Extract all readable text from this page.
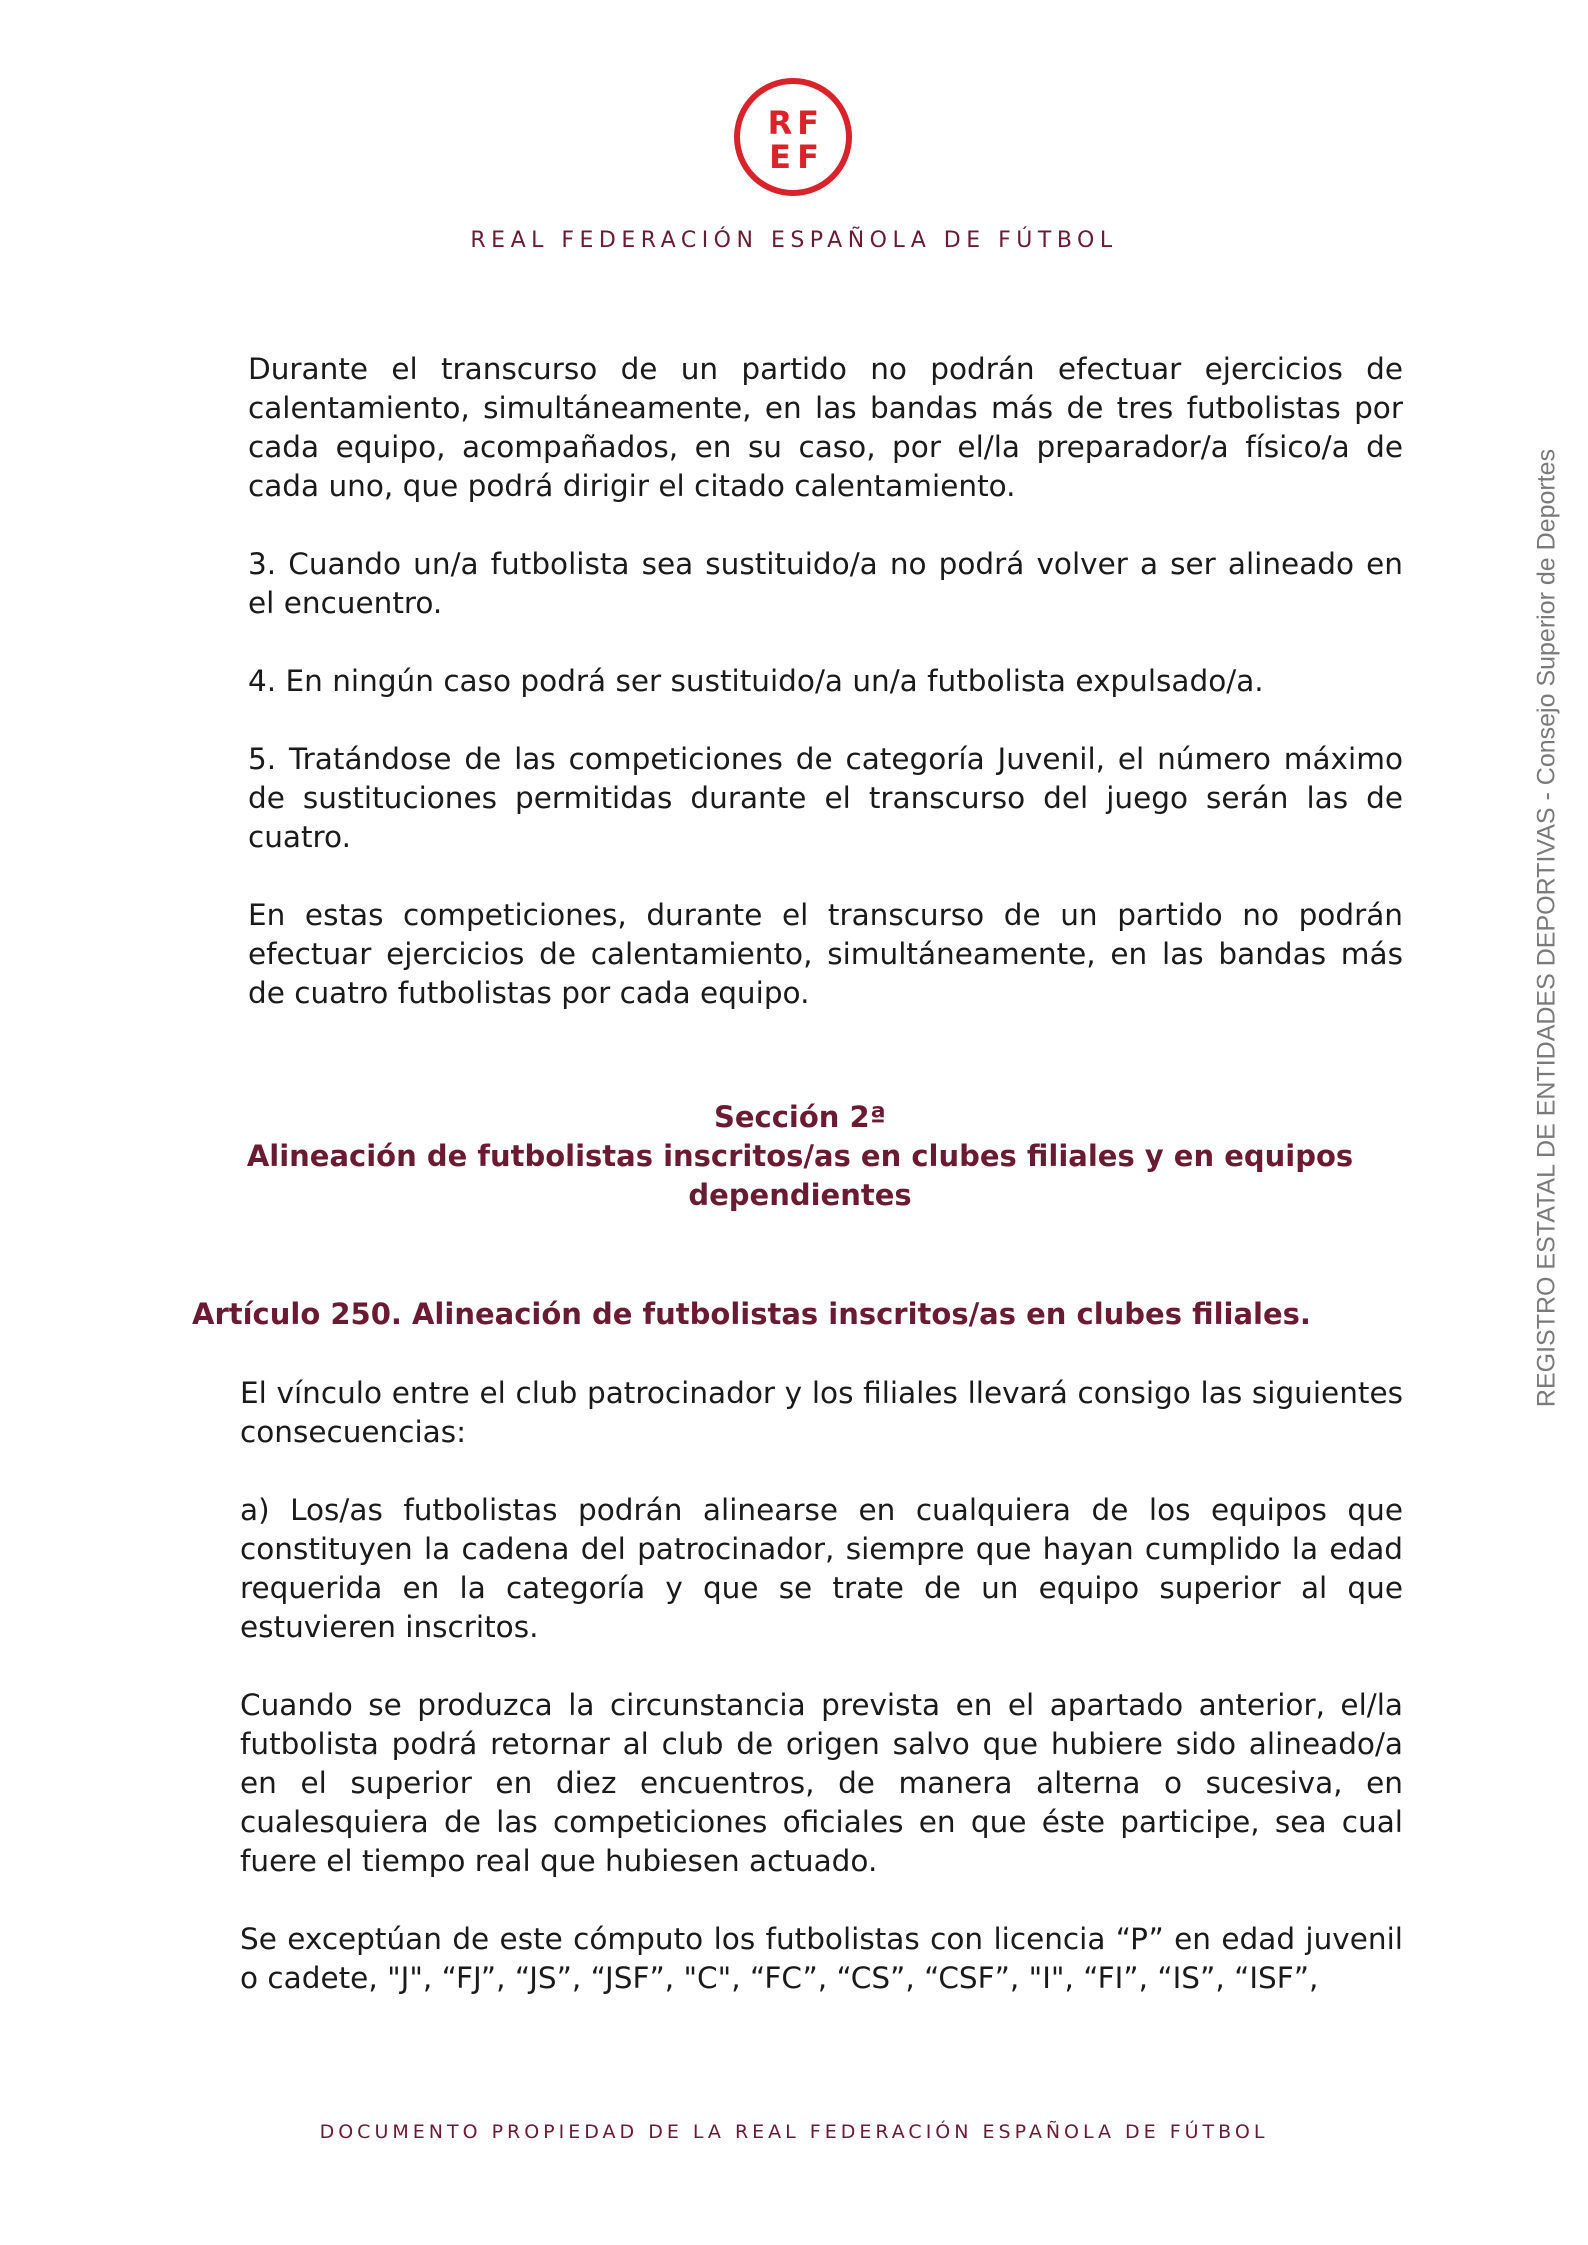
R F
E F
REAL FEDERACIÓN ESPAÑOLA DE FÚTBOL
REGISTRO ESTATAL DE ENTIDADES DEPORTIVAS - Consejo Superior de Deportes

Durante el transcurso de un partido no podrán efectuar ejercicios de calentamiento, simultáneamente, en las bandas más de tres futbolistas por cada equipo, acompañados, en su caso, por el/la preparador/a físico/a de cada uno, que podrá dirigir el citado calentamiento.

3. Cuando un/a futbolista sea sustituido/a no podrá volver a ser alineado en el encuentro.

4. En ningún caso podrá ser sustituido/a un/a futbolista expulsado/a.

5. Tratándose de las competiciones de categoría Juvenil, el número máximo de sustituciones permitidas durante el transcurso del juego serán las de cuatro.

En estas competiciones, durante el transcurso de un partido no podrán efectuar ejercicios de calentamiento, simultáneamente, en las bandas más de cuatro futbolistas por cada equipo.

Sección 2ª
Alineación de futbolistas inscritos/as en clubes filiales y en equipos dependientes
Artículo 250. Alineación de futbolistas inscritos/as en clubes filiales.

El vínculo entre el club patrocinador y los filiales llevará consigo las siguientes consecuencias:

a) Los/as futbolistas podrán alinearse en cualquiera de los equipos que constituyen la cadena del patrocinador, siempre que hayan cumplido la edad requerida en la categoría y que se trate de un equipo superior al que estuvieren inscritos.

Cuando se produzca la circunstancia prevista en el apartado anterior, el/la futbolista podrá retornar al club de origen salvo que hubiere sido alineado/a en el superior en diez encuentros, de manera alterna o sucesiva, en cualesquiera de las competiciones oficiales en que éste participe, sea cual fuere el tiempo real que hubiesen actuado.

Se exceptúan de este cómputo los futbolistas con licencia “P” en edad juvenil o cadete, "J", “FJ”, “JS”, “JSF”, "C", “FC”, “CS”, “CSF”, "I", “FI”, “IS”, “ISF”,

DOCUMENTO PROPIEDAD DE LA REAL FEDERACIÓN ESPAÑOLA DE FÚTBOL
